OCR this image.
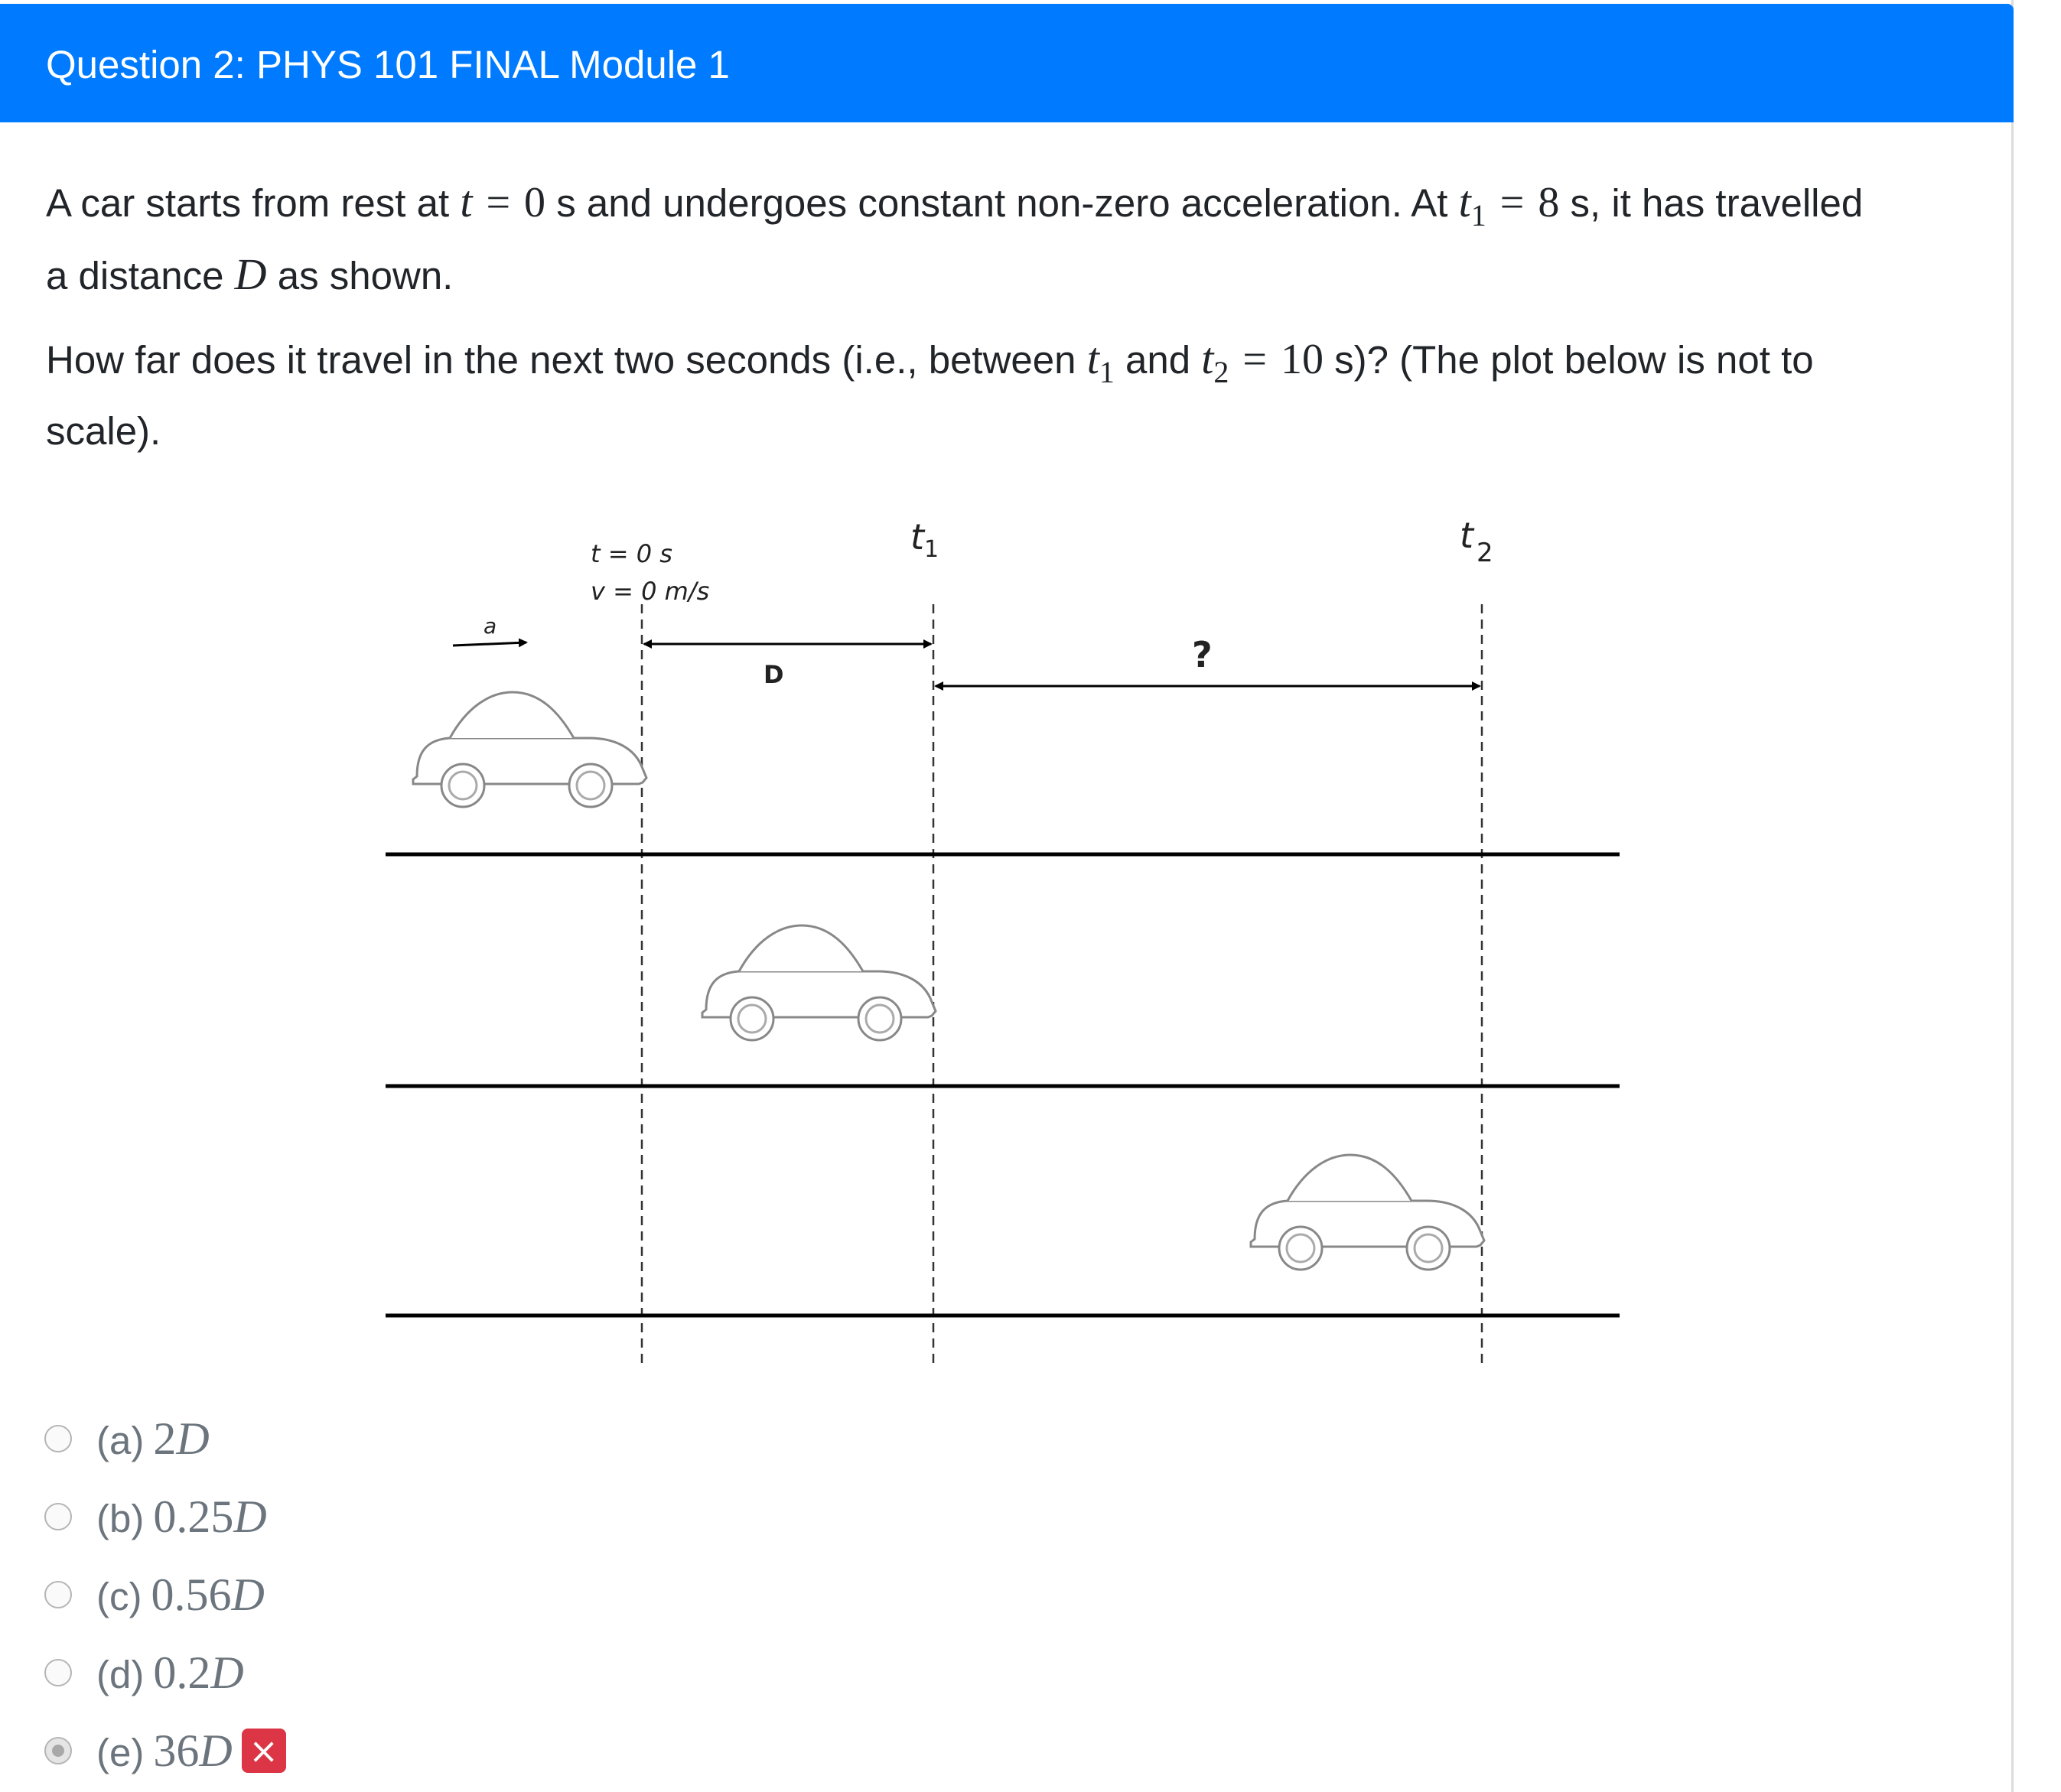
Question 2: PHYS 101 FINAL Module 1
A car starts from rest at t = 0 s and undergoes constant non-zero acceleration. At $t_1 = 8$ s, it has travelled
a distance D as shown.
How far does it travel in the next two seconds (i.e., between $t_1$ and $t_2 = 10$ s)? (The plot below is not to
scale).
t = 0 s
v = 0 m/s
t 1	t 2
a
D	?
(a) 2D
(b) 0.25D
(c) 0.56D
(d) 0.2D
(e) 36D ×
